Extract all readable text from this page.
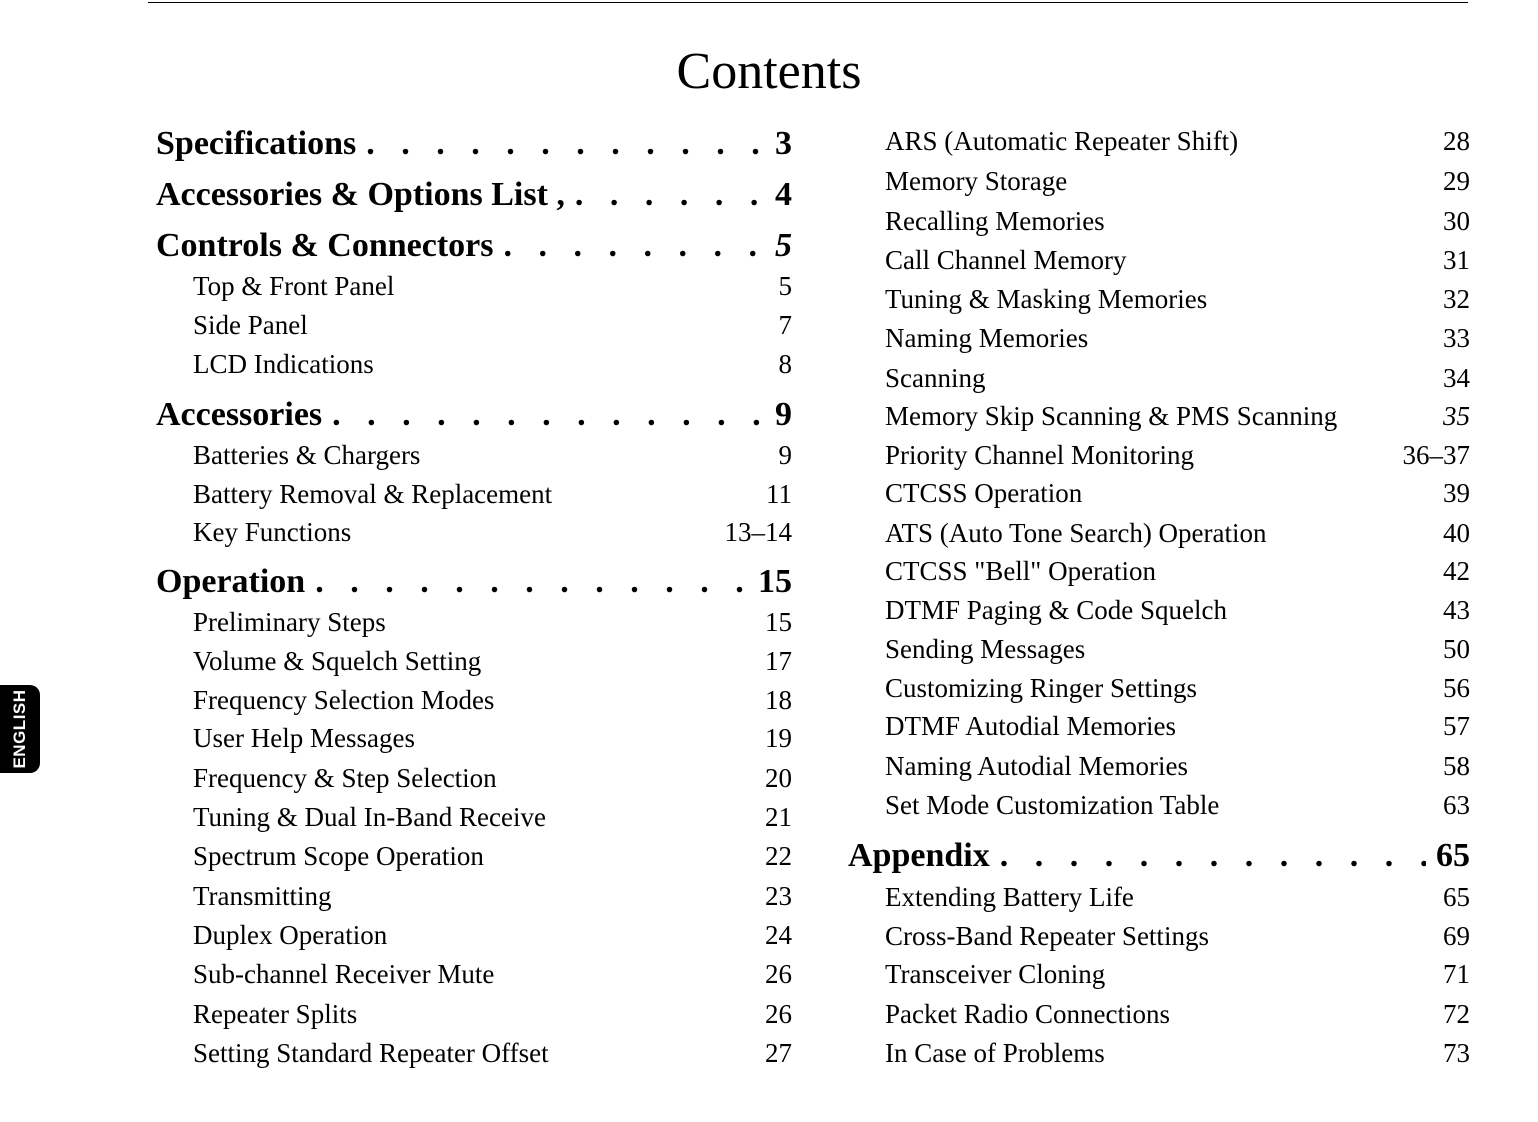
Contents
ENGLISH
Specifications . . .	3
Accessories & Options List , . . .	4
Controls & Connectors . . .	5
Top & Front Panel	5
Side Panel	7
LCD Indications	8
Accessories . . .	9
Batteries & Chargers	9
Battery Removal & Replacement	11
Key Functions	13–14
Operation . . .	15
Preliminary Steps	15
Volume & Squelch Setting	17
Frequency Selection Modes	18
User Help Messages	19
Frequency & Step Selection	20
Tuning & Dual In-Band Receive	21
Spectrum Scope Operation	22
Transmitting	23
Duplex Operation	24
Sub-channel Receiver Mute	26
Repeater Splits	26
Setting Standard Repeater Offset	27
ARS (Automatic Repeater Shift)	28
Memory Storage	29
Recalling Memories	30
Call Channel Memory	31
Tuning & Masking Memories	32
Naming Memories	33
Scanning	34
Memory Skip Scanning & PMS Scanning	35
Priority Channel Monitoring	36–37
CTCSS Operation	39
ATS (Auto Tone Search) Operation	40
CTCSS "Bell" Operation	42
DTMF Paging & Code Squelch	43
Sending Messages	50
Customizing Ringer Settings	56
DTMF Autodial Memories	57
Naming Autodial Memories	58
Set Mode Customization Table	63
Appendix . . .	65
Extending Battery Life	65
Cross-Band Repeater Settings	69
Transceiver Cloning	71
Packet Radio Connections	72
In Case of Problems	73
